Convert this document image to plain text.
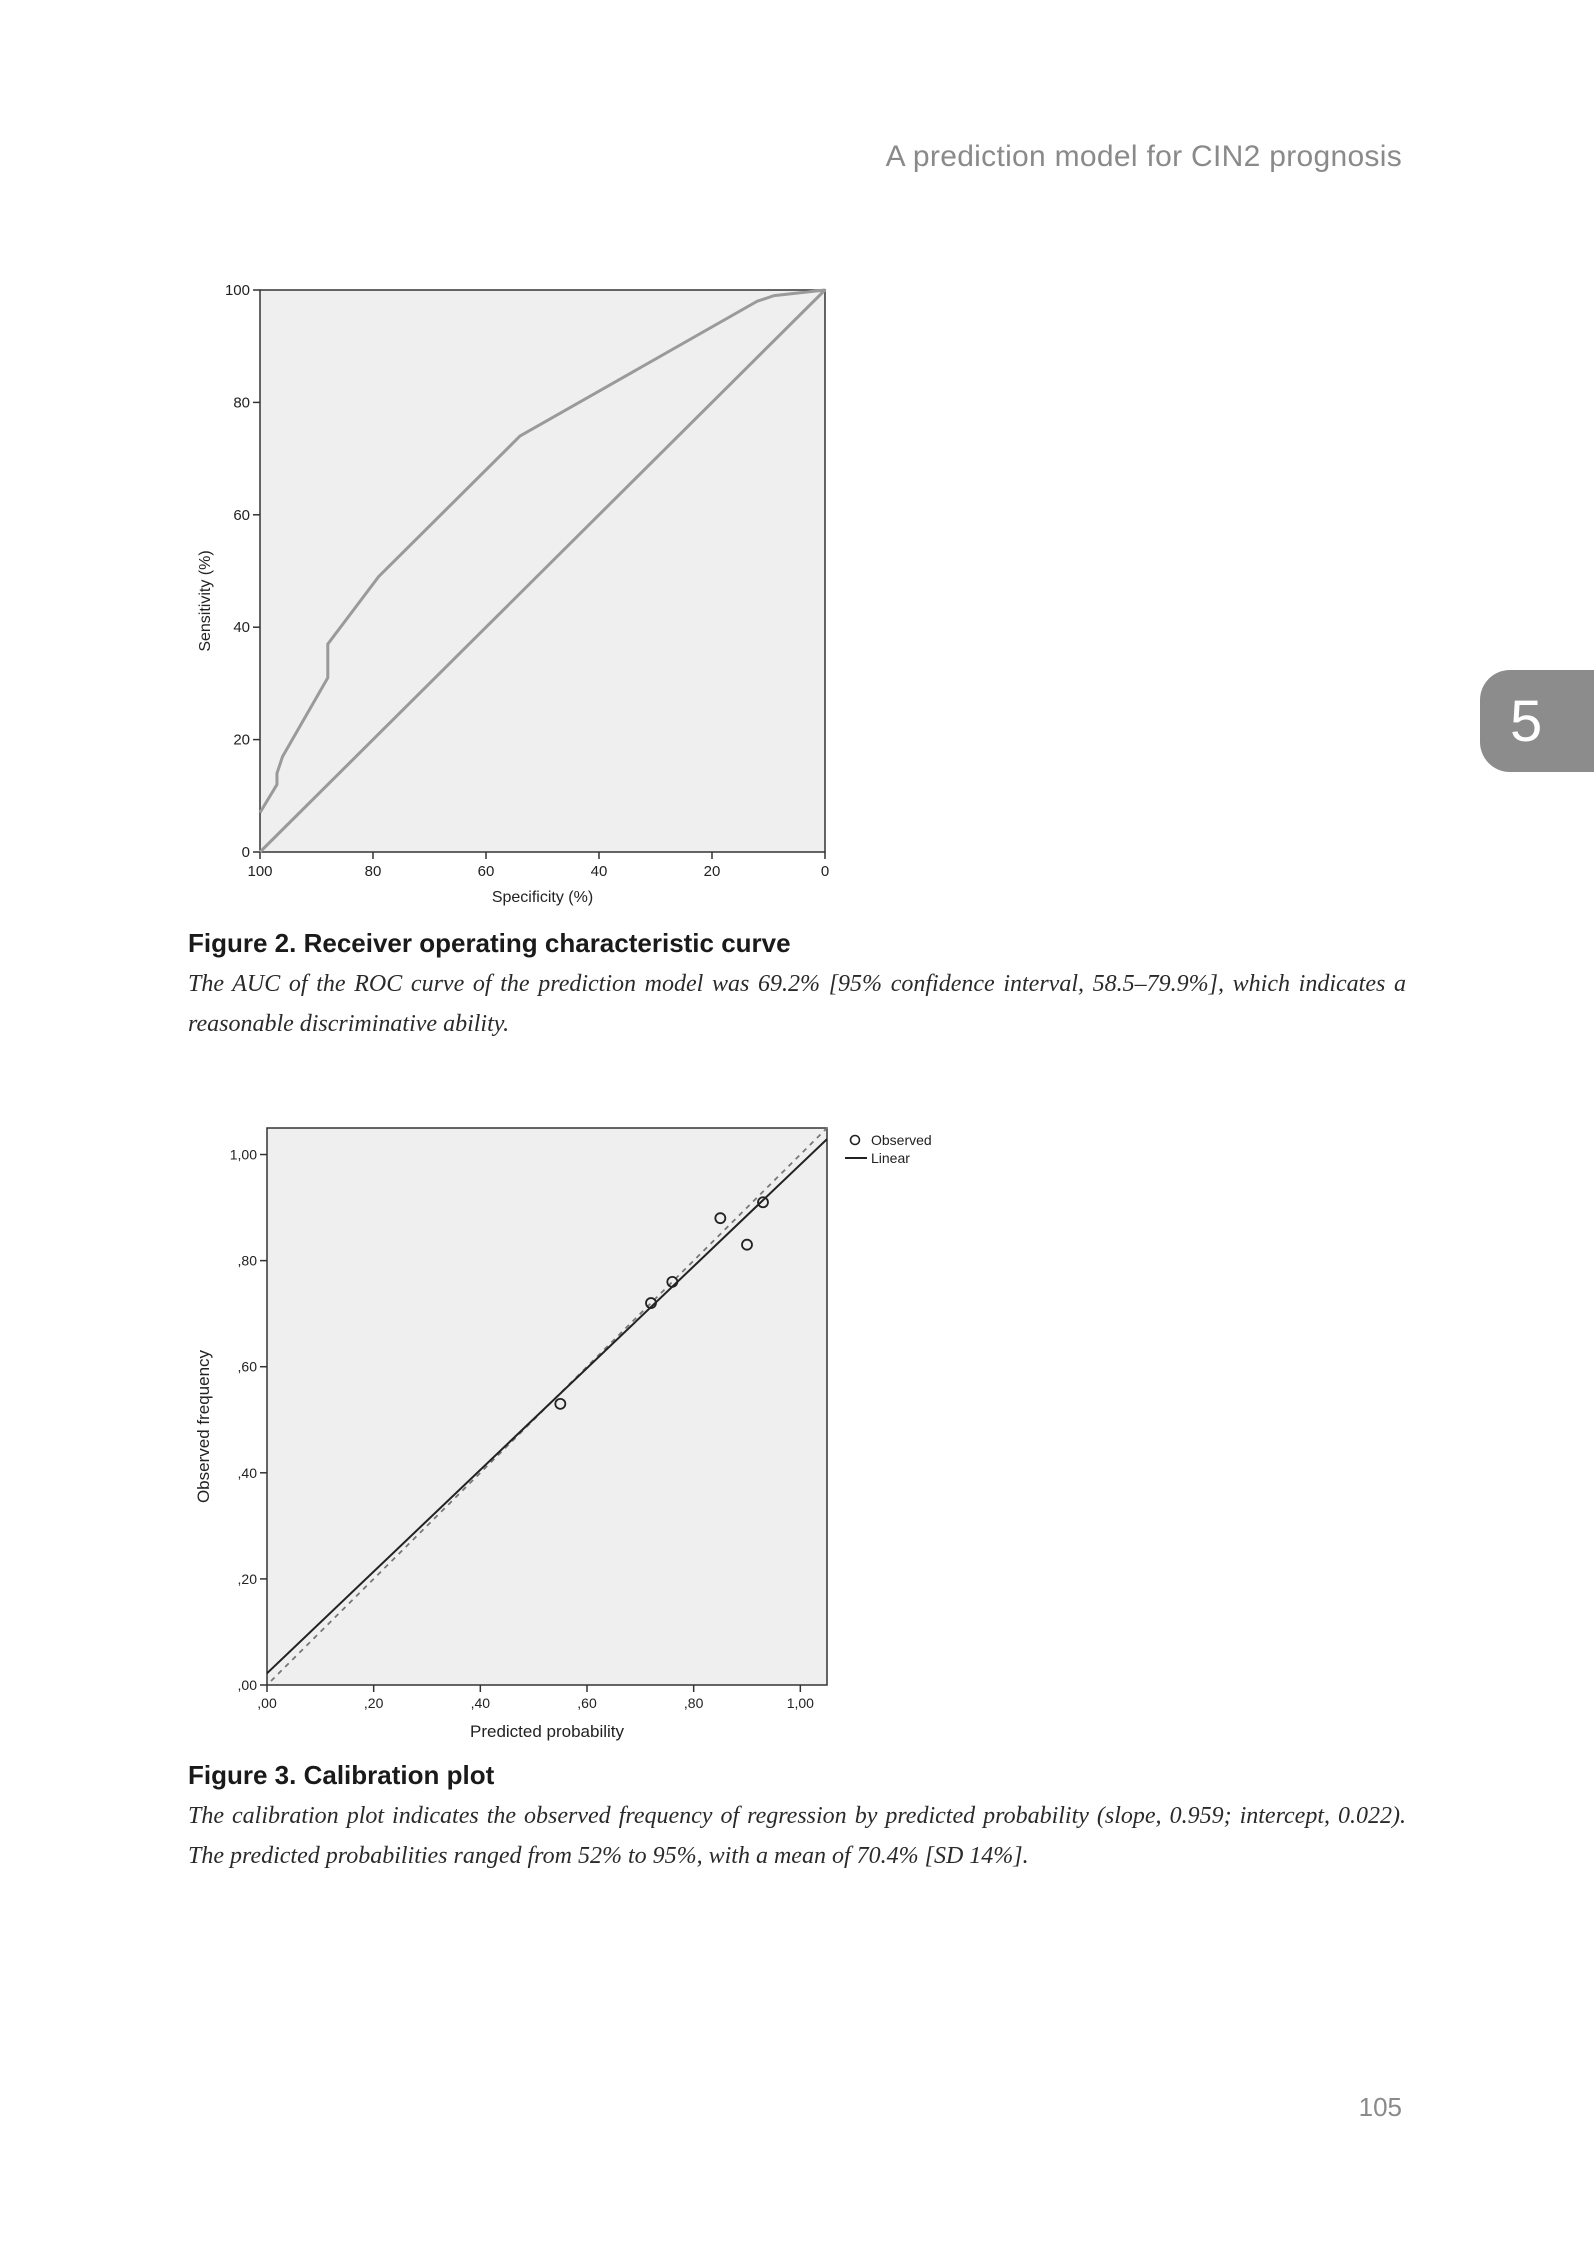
A prediction model for CIN2 prognosis
5
100	80	60	40	20	0
0
20
40
60
80
100
Specificity (%)
Sensitivity (%)
Figure 2. Receiver operating characteristic curve
The AUC of the ROC curve of the prediction model was 69.2% [95% confidence interval, 58.5–79.9%], which indicates a reasonable discriminative ability.
,00	,20	,40	,60	,80	1,00
,00
,20
,40
,60
,80
1,00
Predicted probability
Observed frequency
Observed
Linear
Figure 3. Calibration plot
The calibration plot indicates the observed frequency of regression by predicted probability (slope, 0.959; intercept, 0.022). The predicted probabilities ranged from 52% to 95%, with a mean of 70.4% [SD 14%].
105
